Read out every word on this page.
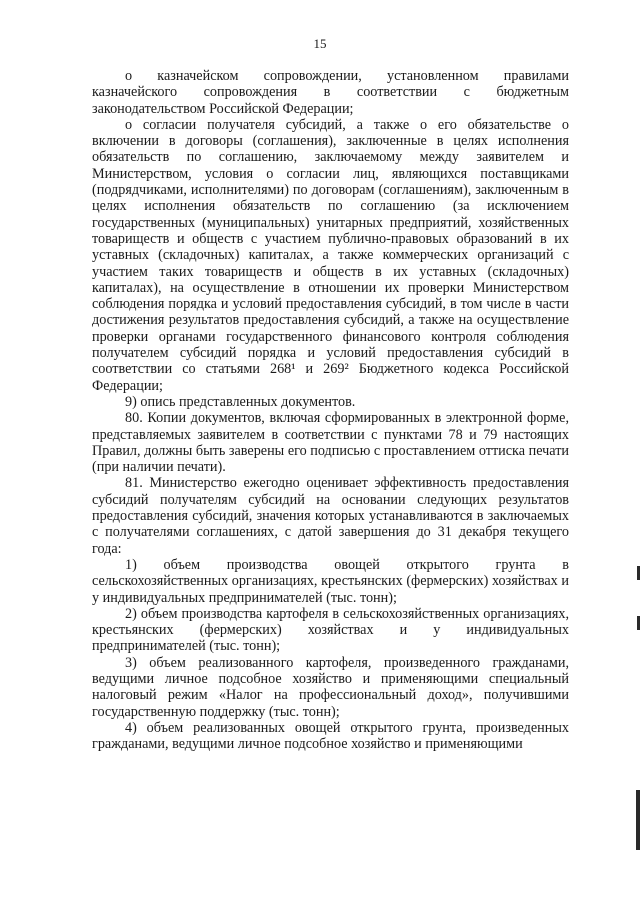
15

о казначейском сопровождении, установленном правилами казначейского сопровождения в соответствии с бюджетным законодательством Российской Федерации;

о согласии получателя субсидий, а также о его обязательстве о включении в договоры (соглашения), заключенные в целях исполнения обязательств по соглашению, заключаемому между заявителем и Министерством, условия о согласии лиц, являющихся поставщиками (подрядчиками, исполнителями) по договорам (соглашениям), заключенным в целях исполнения обязательств по соглашению (за исключением государственных (муниципальных) унитарных предприятий, хозяйственных товариществ и обществ с участием публично-правовых образований в их уставных (складочных) капиталах, а также коммерческих организаций с участием таких товариществ и обществ в их уставных (складочных) капиталах), на осуществление в отношении их проверки Министерством соблюдения порядка и условий предоставления субсидий, в том числе в части достижения результатов предоставления субсидий, а также на осуществление проверки органами государственного финансового контроля соблюдения получателем субсидий порядка и условий предоставления субсидий в соответствии со статьями 268¹ и 269² Бюджетного кодекса Российской Федерации;

9) опись представленных документов.

80. Копии документов, включая сформированных в электронной форме, представляемых заявителем в соответствии с пунктами 78 и 79 настоящих Правил, должны быть заверены его подписью с проставлением оттиска печати (при наличии печати).

81. Министерство ежегодно оценивает эффективность предоставления субсидий получателям субсидий на основании следующих результатов предоставления субсидий, значения которых устанавливаются в заключаемых с получателями соглашениях, с датой завершения до 31 декабря текущего года:

1) объем производства овощей открытого грунта в сельскохозяйственных организациях, крестьянских (фермерских) хозяйствах и у индивидуальных предпринимателей (тыс. тонн);

2) объем производства картофеля в сельскохозяйственных организациях, крестьянских (фермерских) хозяйствах и у индивидуальных предпринимателей (тыс. тонн);

3) объем реализованного картофеля, произведенного гражданами, ведущими личное подсобное хозяйство и применяющими специальный налоговый режим «Налог на профессиональный доход», получившими государственную поддержку (тыс. тонн);

4) объем реализованных овощей открытого грунта, произведенных гражданами, ведущими личное подсобное хозяйство и применяющими
